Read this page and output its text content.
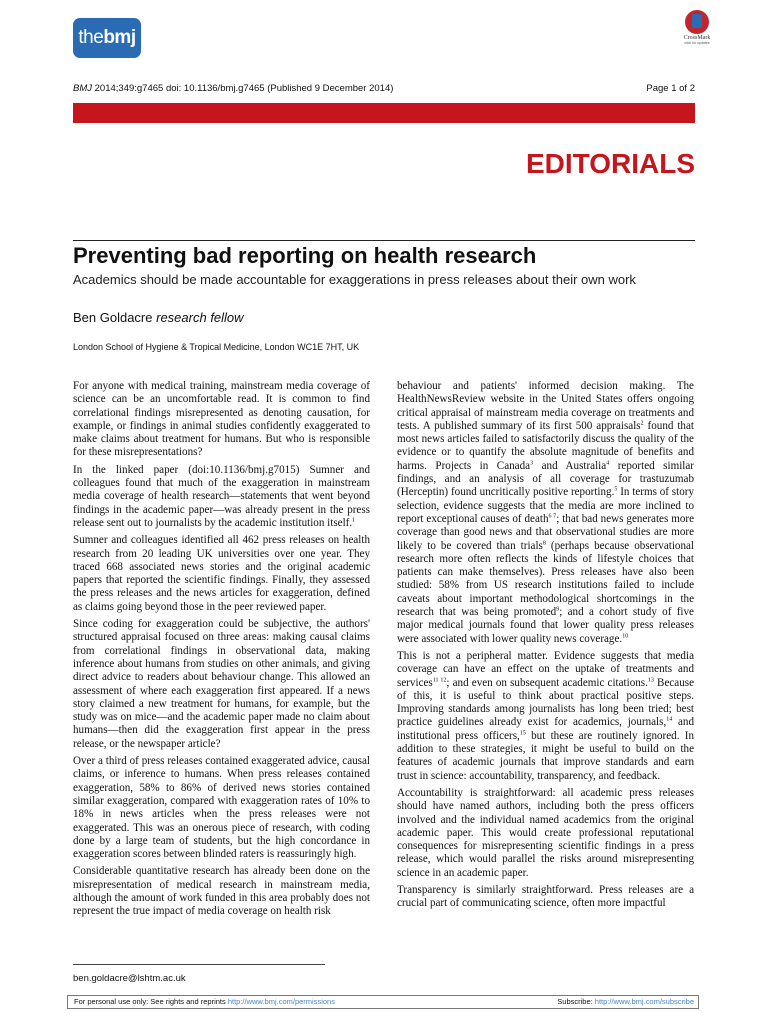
thebmj	CrossMark
click for updates
BMJ 2014;349:g7465 doi: 10.1136/bmj.g7465 (Published 9 December 2014)	Page 1 of 2
EDITORIALS
Preventing bad reporting on health research
Academics should be made accountable for exaggerations in press releases about their own work
Ben Goldacre research fellow
London School of Hygiene & Tropical Medicine, London WC1E 7HT, UK

For anyone with medical training, mainstream media coverage of science can be an uncomfortable read. It is common to find correlational findings misrepresented as denoting causation, for example, or findings in animal studies confidently exaggerated to make claims about treatment for humans. But who is responsible for these misrepresentations?

In the linked paper (doi:10.1136/bmj.g7015) Sumner and colleagues found that much of the exaggeration in mainstream media coverage of health research—statements that went beyond findings in the academic paper—was already present in the press release sent out to journalists by the academic institution itself.$^1$

Sumner and colleagues identified all 462 press releases on health research from 20 leading UK universities over one year. They traced 668 associated news stories and the original academic papers that reported the scientific findings. Finally, they assessed the press releases and the news articles for exaggeration, defined as claims going beyond those in the peer reviewed paper.

Since coding for exaggeration could be subjective, the authors' structured appraisal focused on three areas: making causal claims from correlational findings in observational data, making inference about humans from studies on other animals, and giving direct advice to readers about behaviour change. This allowed an assessment of where each exaggeration first appeared. If a news story claimed a new treatment for humans, for example, but the study was on mice—and the academic paper made no claim about humans—then did the exaggeration first appear in the press release, or the newspaper article?

Over a third of press releases contained exaggerated advice, causal claims, or inference to humans. When press releases contained exaggeration, 58% to 86% of derived news stories contained similar exaggeration, compared with exaggeration rates of 10% to 18% in news articles when the press releases were not exaggerated. This was an onerous piece of research, with coding done by a large team of students, but the high concordance in exaggeration scores between blinded raters is reassuringly high.

Considerable quantitative research has already been done on the misrepresentation of medical research in mainstream media, although the amount of work funded in this area probably does not represent the true impact of media coverage on health risk

behaviour and patients' informed decision making. The HealthNewsReview website in the United States offers ongoing critical appraisal of mainstream media coverage on treatments and tests. A published summary of its first 500 appraisals$^2$ found that most news articles failed to satisfactorily discuss the quality of the evidence or to quantify the absolute magnitude of benefits and harms. Projects in Canada$^3$ and Australia$^4$ reported similar findings, and an analysis of all coverage for trastuzumab (Herceptin) found uncritically positive reporting.$^5$ In terms of story selection, evidence suggests that the media are more inclined to report exceptional causes of death$^{6 7}$; that bad news generates more coverage than good news and that observational studies are more likely to be covered than trials$^8$ (perhaps because observational research more often reflects the kinds of lifestyle choices that patients can make themselves). Press releases have also been studied: 58% from US research institutions failed to include caveats about important methodological shortcomings in the research that was being promoted$^9$; and a cohort study of five major medical journals found that lower quality press releases were associated with lower quality news coverage.$^{10}$

This is not a peripheral matter. Evidence suggests that media coverage can have an effect on the uptake of treatments and services$^{11 12}$; and even on subsequent academic citations.$^{13}$ Because of this, it is useful to think about practical positive steps. Improving standards among journalists has long been tried; best practice guidelines already exist for academics, journals,$^{14}$ and institutional press officers,$^{15}$ but these are routinely ignored. In addition to these strategies, it might be useful to build on the features of academic journals that improve standards and earn trust in science: accountability, transparency, and feedback.

Accountability is straightforward: all academic press releases should have named authors, including both the press officers involved and the individual named academics from the original academic paper. This would create professional reputational consequences for misrepresenting scientific findings in a press release, which would parallel the risks around misrepresenting science in an academic paper.

Transparency is similarly straightforward. Press releases are a crucial part of communicating science, often more impactful

ben.goldacre@lshtm.ac.uk
For personal use only: See rights and reprints http://www.bmj.com/permissions	Subscribe: http://www.bmj.com/subscribe
